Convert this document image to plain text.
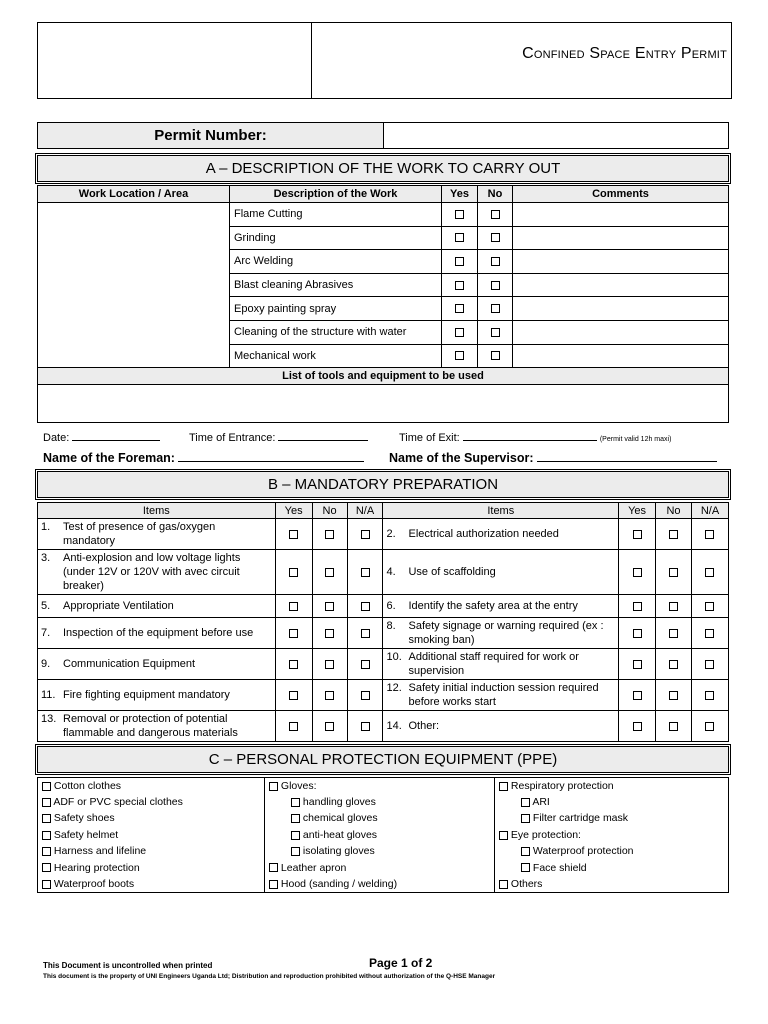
Confined Space Entry Permit
Permit Number:
A – DESCRIPTION OF THE WORK TO CARRY OUT
Work Location / Area	Description of the Work	Yes	No	Comments
	Flame Cutting			
	Grinding			
	Arc Welding			
	Blast cleaning Abrasives			
	Epoxy painting spray			
	Cleaning of the structure with water			
	Mechanical work			
List of tools and equipment to be used				

Date:	Time of Entrance:	Time of Exit:	(Permit valid 12h maxi)
Name of the Foreman:	Name of the Supervisor:
B – MANDATORY PREPARATION
Items	Yes	No	N/A	Items	Yes	No	N/A
1. Test of presence of gas/oxygen mandatory				2. Electrical authorization needed			
3. Anti-explosion and low voltage lights (under 12V or 120V with avec circuit breaker)				4. Use of scaffolding			
5. Appropriate Ventilation				6. Identify the safety area at the entry			
7. Inspection of the equipment before use				8. Safety signage or warning required (ex : smoking ban)			
9. Communication Equipment				10. Additional staff required for work or supervision			
11. Fire fighting equipment mandatory				12. Safety initial induction session required before works start			
13. Removal or protection of potential flammable and dangerous materials				14. Other:			
C – PERSONAL PROTECTION EQUIPMENT (PPE)
Cotton clothes	Gloves:	Respiratory protection
ADF or PVC special clothes	handling gloves	ARI
Safety shoes	chemical gloves	Filter cartridge mask
Safety helmet	anti-heat gloves	Eye protection:
Harness and lifeline	isolating gloves	Waterproof protection
Hearing protection	Leather apron	Face shield
Waterproof boots	Hood (sanding / welding)	Others
This Document is uncontrolled when printed	Page 1 of 2
This document is the property of UNI Engineers Uganda Ltd; Distribution and reproduction prohibited without authorization of the Q-HSE Manager
